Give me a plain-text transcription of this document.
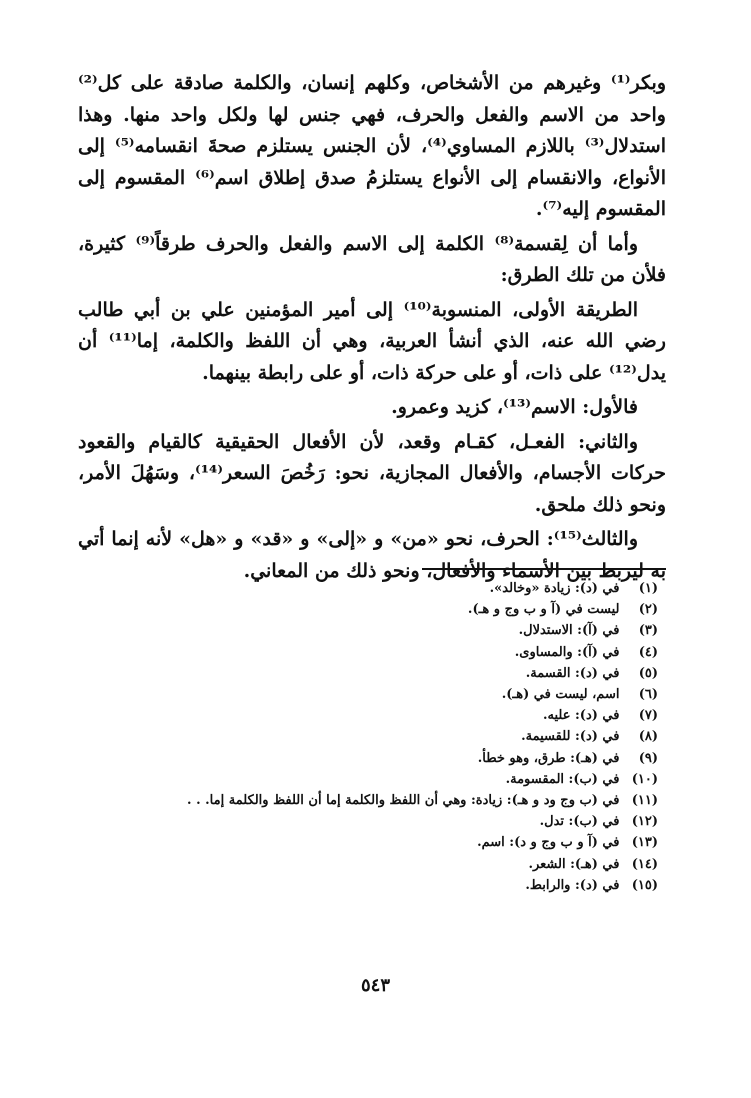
وبكر⁽¹⁾ وغيرهم من الأشخاص، وكلهم إنسان، والكلمة صادقة على كل⁽²⁾ واحد من الاسم والفعل والحرف، فهي جنس لها ولكل واحد منها. وهذا استدلال⁽³⁾ باللازم المساوي⁽⁴⁾، لأن الجنس يستلزم صحةَ انقسامه⁽⁵⁾ إلى الأنواع، والانقسام إلى الأنواع يستلزمُ صدق إطلاق اسم⁽⁶⁾ المقسوم إلى المقسوم إليه⁽⁷⁾.

وأما أن لِقسمة⁽⁸⁾ الكلمة إلى الاسم والفعل والحرف طرقاً⁽⁹⁾ كثيرة، فلأن من تلك الطرق:

الطريقة الأولى، المنسوبة⁽¹⁰⁾ إلى أمير المؤمنين علي بن أبي طالب رضي الله عنه، الذي أنشأ العربية، وهي أن اللفظ والكلمة، إما⁽¹¹⁾ أن يدل⁽¹²⁾ على ذات، أو على حركة ذات، أو على رابطة بينهما.

فالأول: الاسم⁽¹³⁾، كزيد وعمرو.

والثاني: الفعـل، كقـام وقعد، لأن الأفعال الحقيقية كالقيام والقعود حركات الأجسام، والأفعال المجازية، نحو: رَخُصَ السعر⁽¹⁴⁾، وسَهُلَ الأمر، ونحو ذلك ملحق.

والثالث⁽¹⁵⁾: الحرف، نحو «من» و «إلى» و «قد» و «هل» لأنه إنما أتي به ليربط بين الأسماء والأفعال، ونحو ذلك من المعاني.

(١) في (د): زيادة «وخالد».
(٢) ليست في (آ و ب وج و هـ).
(٣) في (آ): الاستدلال.
(٤) في (آ): والمساوى.
(٥) في (د): القسمة.
(٦) اسم، ليست في (هـ).
(٧) في (د): عليه.
(٨) في (د): للقسيمة.
(٩) في (هـ): طرق، وهو خطأ.
(١٠) في (ب): المقسومة.
(١١) في (ب وج ود و هـ): زيادة: وهي أن اللفظ والكلمة إما أن اللفظ والكلمة إما. . .
(١٢) في (ب): تدل.
(١٣) في (آ و ب وج و د): اسم.
(١٤) في (هـ): الشعر.
(١٥) في (د): والرابط.
٥٤٣
